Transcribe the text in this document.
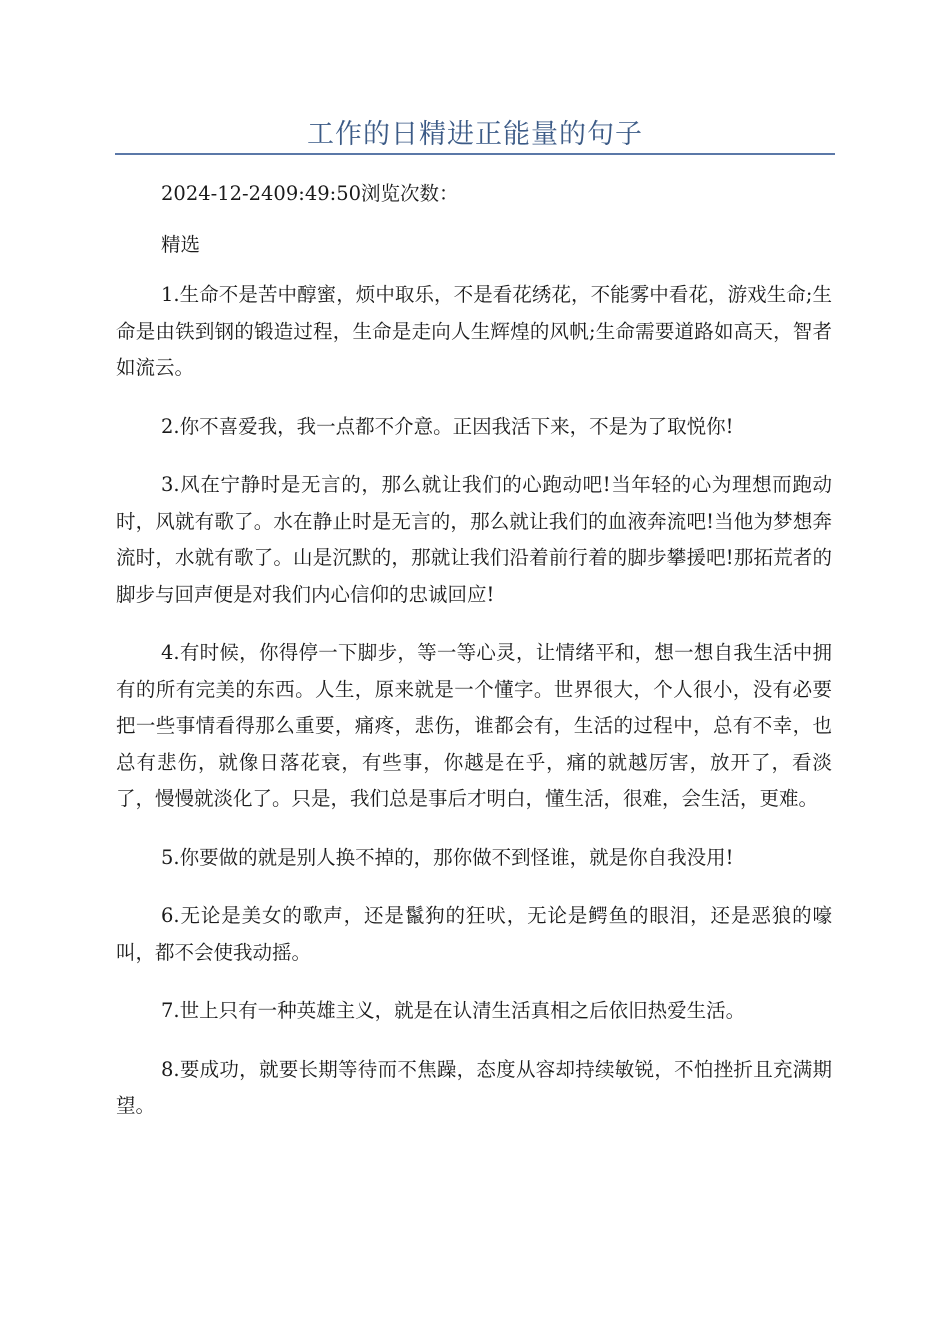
工作的日精进正能量的句子

2024-12-2409:49:50浏览次数：

精选

1.生命不是苦中醇蜜，烦中取乐，不是看花绣花，不能雾中看花，游戏生命;生命是由铁到钢的锻造过程，生命是走向人生辉煌的风帆;生命需要道路如高天，智者如流云。

2.你不喜爱我，我一点都不介意。正因我活下来，不是为了取悦你!

3.风在宁静时是无言的，那么就让我们的心跑动吧!当年轻的心为理想而跑动时，风就有歌了。水在静止时是无言的，那么就让我们的血液奔流吧!当他为梦想奔流时，水就有歌了。山是沉默的，那就让我们沿着前行着的脚步攀援吧!那拓荒者的脚步与回声便是对我们内心信仰的忠诚回应!

4.有时候，你得停一下脚步，等一等心灵，让情绪平和，想一想自我生活中拥有的所有完美的东西。人生，原来就是一个懂字。世界很大，个人很小，没有必要把一些事情看得那么重要，痛疼，悲伤，谁都会有，生活的过程中，总有不幸，也总有悲伤，就像日落花衰，有些事，你越是在乎，痛的就越厉害，放开了，看淡了，慢慢就淡化了。只是，我们总是事后才明白，懂生活，很难，会生活，更难。

5.你要做的就是别人换不掉的，那你做不到怪谁，就是你自我没用!

6.无论是美女的歌声，还是鬣狗的狂吠，无论是鳄鱼的眼泪，还是恶狼的嚎叫，都不会使我动摇。

7.世上只有一种英雄主义，就是在认清生活真相之后依旧热爱生活。

8.要成功，就要长期等待而不焦躁，态度从容却持续敏锐，不怕挫折且充满期望。
